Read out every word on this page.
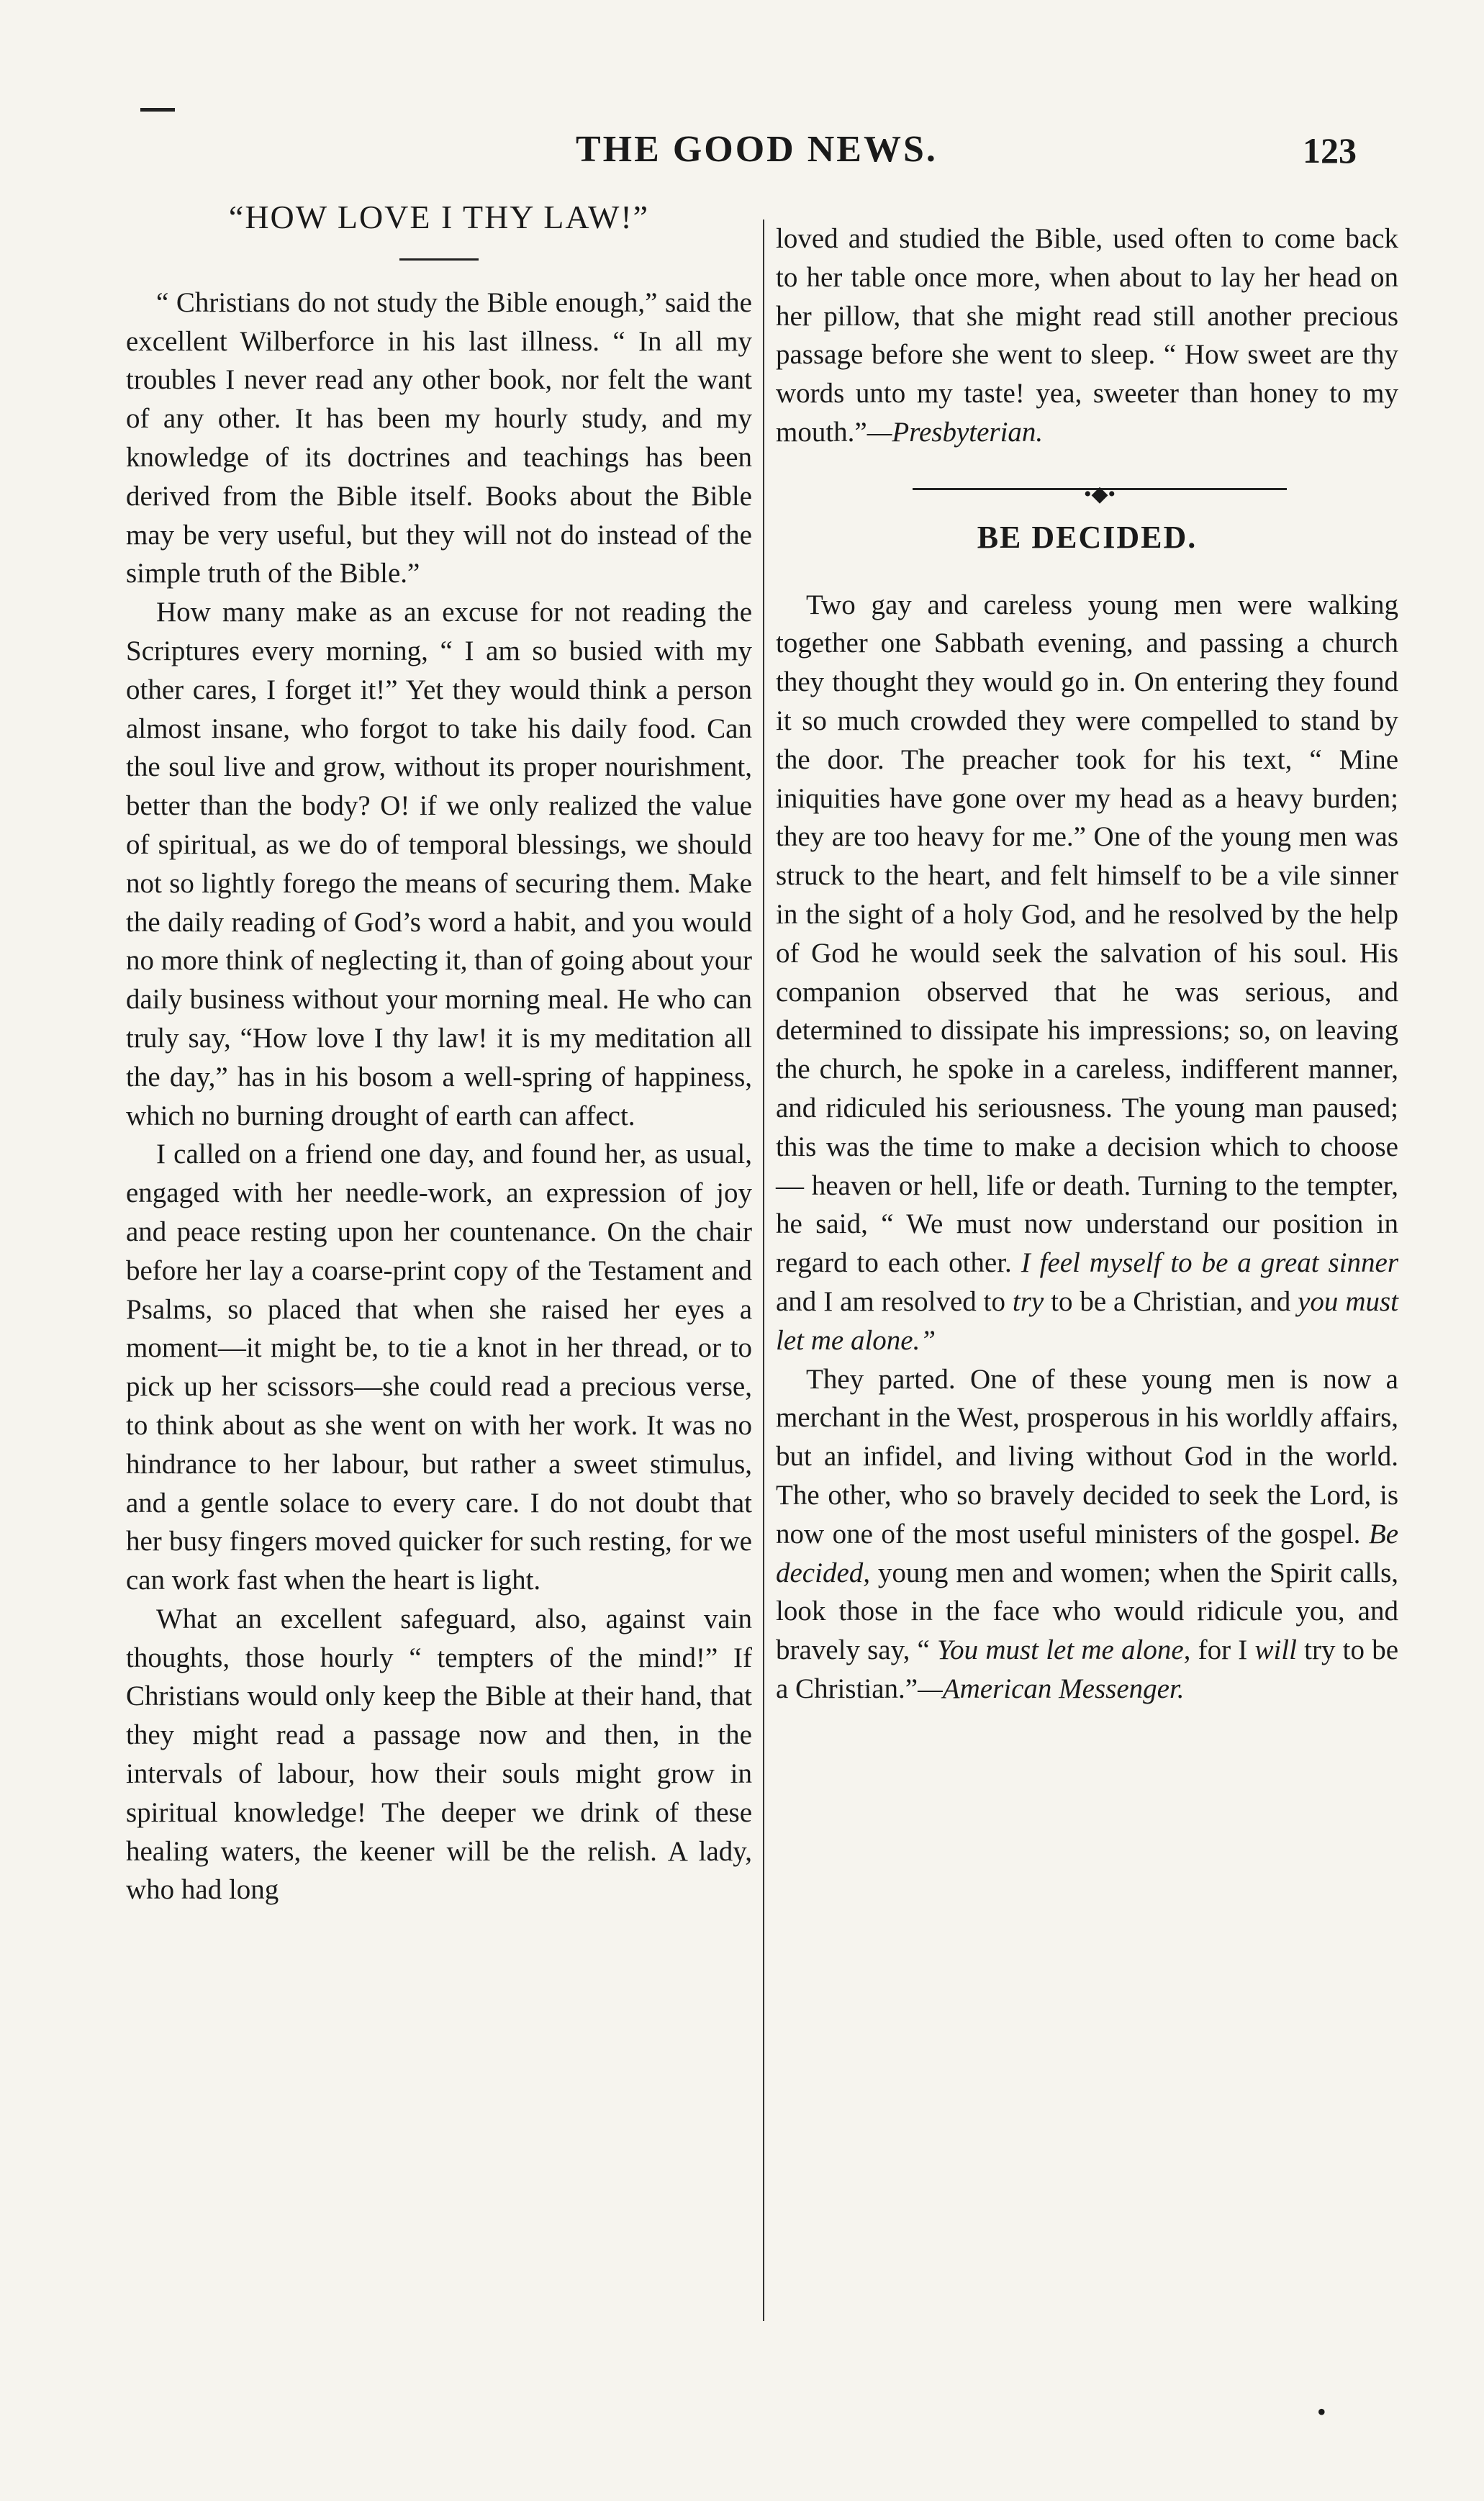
THE GOOD NEWS.	123
“HOW LOVE I THY LAW!”

“ Christians do not study the Bible enough,” said the excellent Wilberforce in his last illness. “ In all my troubles I never read any other book, nor felt the want of any other. It has been my hourly study, and my knowledge of its doctrines and teachings has been derived from the Bible itself. Books about the Bible may be very useful, but they will not do instead of the simple truth of the Bible.”

How many make as an excuse for not reading the Scriptures every morning, “ I am so busied with my other cares, I forget it!” Yet they would think a person almost insane, who forgot to take his daily food. Can the soul live and grow, without its proper nourishment, better than the body? O! if we only realized the value of spiritual, as we do of temporal blessings, we should not so lightly forego the means of securing them. Make the daily reading of God’s word a habit, and you would no more think of neglecting it, than of going about your daily business without your morning meal. He who can truly say, “How love I thy law! it is my meditation all the day,” has in his bosom a well-spring of happiness, which no burning drought of earth can affect.

I called on a friend one day, and found her, as usual, engaged with her needle-work, an expression of joy and peace resting upon her countenance. On the chair before her lay a coarse-print copy of the Testament and Psalms, so placed that when she raised her eyes a moment—it might be, to tie a knot in her thread, or to pick up her scissors—she could read a precious verse, to think about as she went on with her work. It was no hindrance to her labour, but rather a sweet stimulus, and a gentle solace to every care. I do not doubt that her busy fingers moved quicker for such resting, for we can work fast when the heart is light.

What an excellent safeguard, also, against vain thoughts, those hourly “ tempters of the mind!” If Christians would only keep the Bible at their hand, that they might read a passage now and then, in the intervals of labour, how their souls might grow in spiritual knowledge! The deeper we drink of these healing waters, the keener will be the relish. A lady, who had long

loved and studied the Bible, used often to come back to her table once more, when about to lay her head on her pillow, that she might read still another precious passage before she went to sleep. “ How sweet are thy words unto my taste! yea, sweeter than honey to my mouth.”—Presbyterian.

•◆•
BE DECIDED.

Two gay and careless young men were walking together one Sabbath evening, and passing a church they thought they would go in. On entering they found it so much crowded they were compelled to stand by the door. The preacher took for his text, “ Mine iniquities have gone over my head as a heavy burden; they are too heavy for me.” One of the young men was struck to the heart, and felt himself to be a vile sinner in the sight of a holy God, and he resolved by the help of God he would seek the salvation of his soul. His companion observed that he was serious, and determined to dissipate his impressions; so, on leaving the church, he spoke in a careless, indifferent manner, and ridiculed his seriousness. The young man paused; this was the time to make a decision which to choose — heaven or hell, life or death. Turning to the tempter, he said, “ We must now understand our position in regard to each other. I feel myself to be a great sinner and I am resolved to try to be a Christian, and you must let me alone.”

They parted. One of these young men is now a merchant in the West, prosperous in his worldly affairs, but an infidel, and living without God in the world. The other, who so bravely decided to seek the Lord, is now one of the most useful ministers of the gospel. Be decided, young men and women; when the Spirit calls, look those in the face who would ridicule you, and bravely say, “ You must let me alone, for I will try to be a Christian.”—American Messenger.

•
